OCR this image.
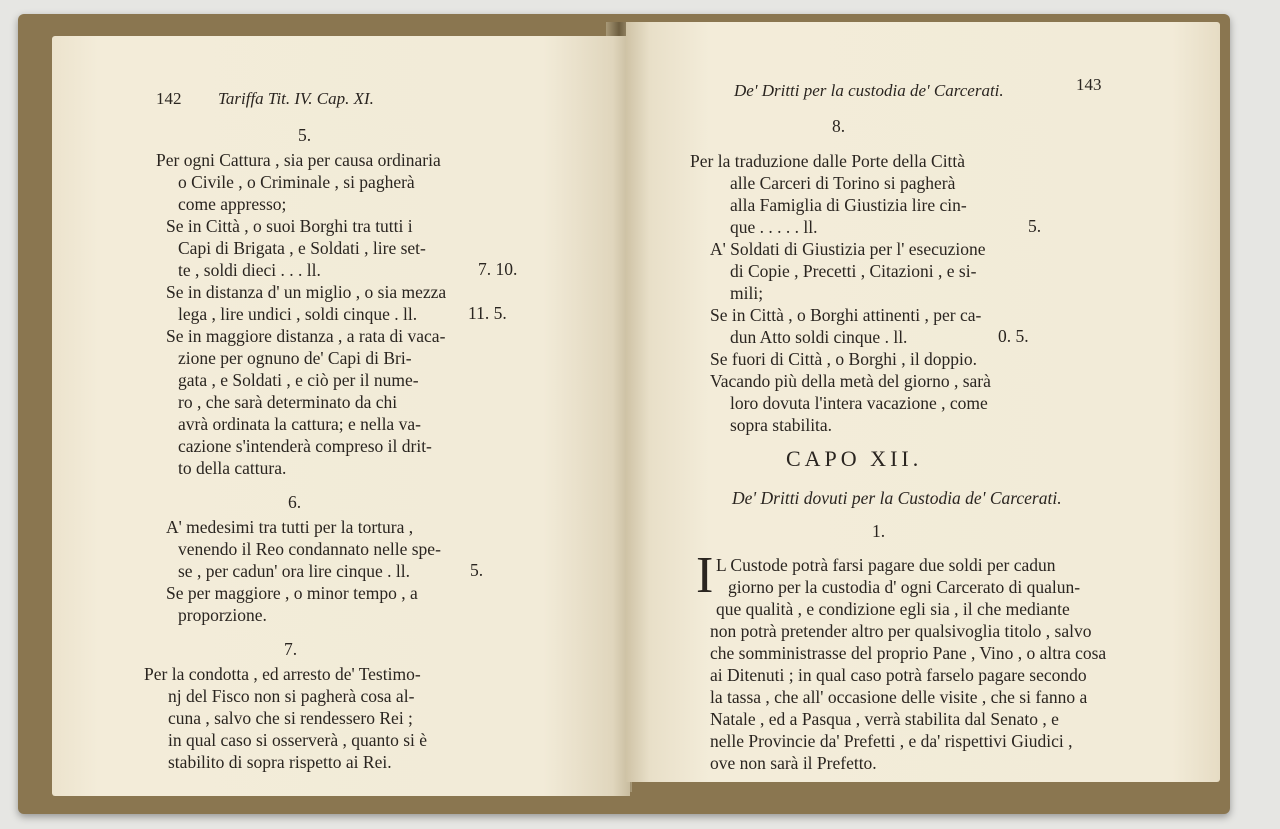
142 Tariffa Tit. IV. Cap. XI.
5.
Per ogni Cattura , sia per causa ordinaria
o Civile , o Criminale , si pagherà
come appresso;
Se in Città , o suoi Borghi tra tutti i
Capi di Brigata , e Soldati , lire set-
te , soldi dieci . . . ll.	7. 10.
Se in distanza d' un miglio , o sia mezza
lega , lire undici , soldi cinque . ll.	11. 5.
Se in maggiore distanza , a rata di vaca-
zione per ognuno de' Capi di Bri-
gata , e Soldati , e ciò per il nume-
ro , che sarà determinato da chi
avrà ordinata la cattura; e nella va-
cazione s'intenderà compreso il drit-
to della cattura.
6.
A' medesimi tra tutti per la tortura ,
venendo il Reo condannato nelle spe-
se , per cadun' ora lire cinque . ll.	5.
Se per maggiore , o minor tempo , a
proporzione.
7.
Per la condotta , ed arresto de' Testimo-
nj del Fisco non si pagherà cosa al-
cuna , salvo che si rendessero Rei ;
in qual caso si osserverà , quanto si è
stabilito di sopra rispetto ai Rei.
De' Dritti per la custodia de' Carcerati.	143
8.
Per la traduzione dalle Porte della Città
alle Carceri di Torino si pagherà
alla Famiglia di Giustizia lire cin-
que . . . . . ll.	5.
A' Soldati di Giustizia per l' esecuzione
di Copie , Precetti , Citazioni , e si-
mili;
Se in Città , o Borghi attinenti , per ca-
dun Atto soldi cinque . ll.	0. 5.
Se fuori di Città , o Borghi , il doppio.
Vacando più della metà del giorno , sarà
loro dovuta l'intera vacazione , come
sopra stabilita.
CAPO XII.
De' Dritti dovuti per la Custodia de' Carcerati.
1.
I L Custode potrà farsi pagare due soldi per cadun
giorno per la custodia d' ogni Carcerato di qualun-
que qualità , e condizione egli sia , il che mediante
non potrà pretender altro per qualsivoglia titolo , salvo
che somministrasse del proprio Pane , Vino , o altra cosa
ai Ditenuti ; in qual caso potrà farselo pagare secondo
la tassa , che all' occasione delle visite , che si fanno a
Natale , ed a Pasqua , verrà stabilita dal Senato , e
nelle Provincie da' Prefetti , e da' rispettivi Giudici ,
ove non sarà il Prefetto.
